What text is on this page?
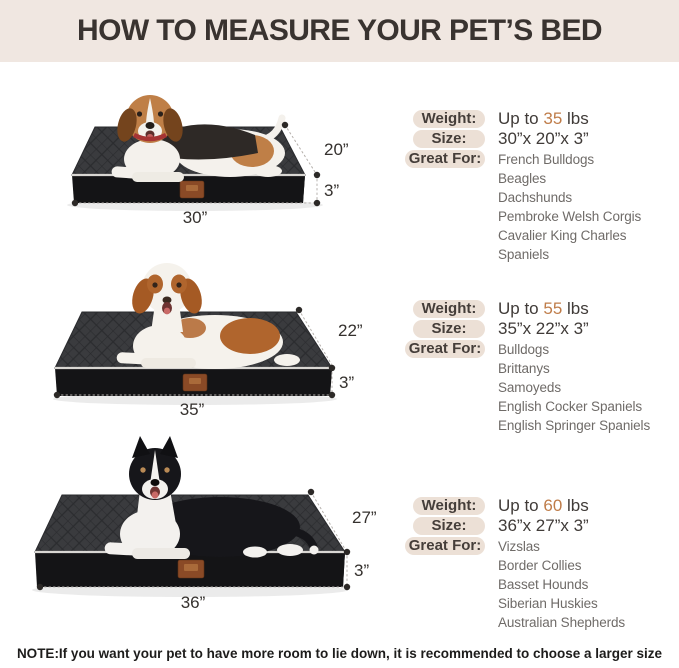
HOW TO MEASURE YOUR PET’S BED
20”
3”
30”
Weight:	Up to 35 lbs
Size:	30”x 20”x 3”
Great For: French Bulldogs
Beagles
Dachshunds
Pembroke Welsh Corgis
Cavalier King Charles Spaniels
22”
3”
35”
Weight:	Up to 55 lbs
Size:	35”x 22”x 3”
Great For: Bulldogs
Brittanys
Samoyeds
English Cocker Spaniels
English Springer Spaniels
27”
3”
36”
Weight:	Up to 60 lbs
Size:	36”x 27”x 3”
Great For: Vizslas
Border Collies
Basset Hounds
Siberian Huskies
Australian Shepherds
NOTE:If you want your pet to have more room to lie down, it is recommended to choose a larger size
